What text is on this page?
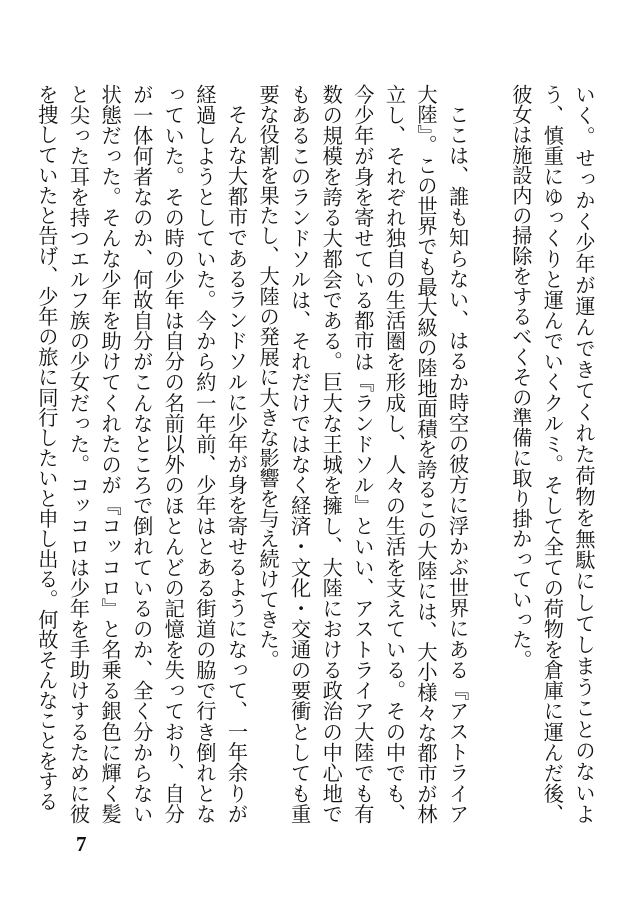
いく。せっかく少年が運んできてくれた荷物を無駄にしてしまうことのないよう、慎重にゆっくりと運んでいくクルミ。そして全ての荷物を倉庫に運んだ後、彼女は施設内の掃除をするべくその準備に取り掛かっていった。

ここは、誰も知らない、はるか時空の彼方に浮かぶ世界にある『アストライア大陸』。この世界でも最大級の陸地面積を誇るこの大陸には、大小様々な都市が林立し、それぞれ独自の生活圏を形成し、人々の生活を支えている。その中でも、今少年が身を寄せている都市は『ランドソル』といい、アストライア大陸でも有数の規模を誇る大都会である。巨大な王城を擁し、大陸における政治の中心地でもあるこのランドソルは、それだけではなく経済・文化・交通の要衝としても重要な役割を果たし、大陸の発展に大きな影響を与え続けてきた。

そんな大都市であるランドソルに少年が身を寄せるようになって、一年余りが経過しようとしていた。今から約一年前、少年はとある街道の脇で行き倒れとなっていた。その時の少年は自分の名前以外のほとんどの記憶を失っており、自分が一体何者なのか、何故自分がこんなところで倒れているのか、全く分からない状態だった。そんな少年を助けてくれたのが『コッコロ』と名乗る銀色に輝く髪と尖った耳を持つエルフ族の少女だった。コッコロは少年を手助けするために彼を捜していたと告げ、少年の旅に同行したいと申し出る。何故そんなことをする

7
